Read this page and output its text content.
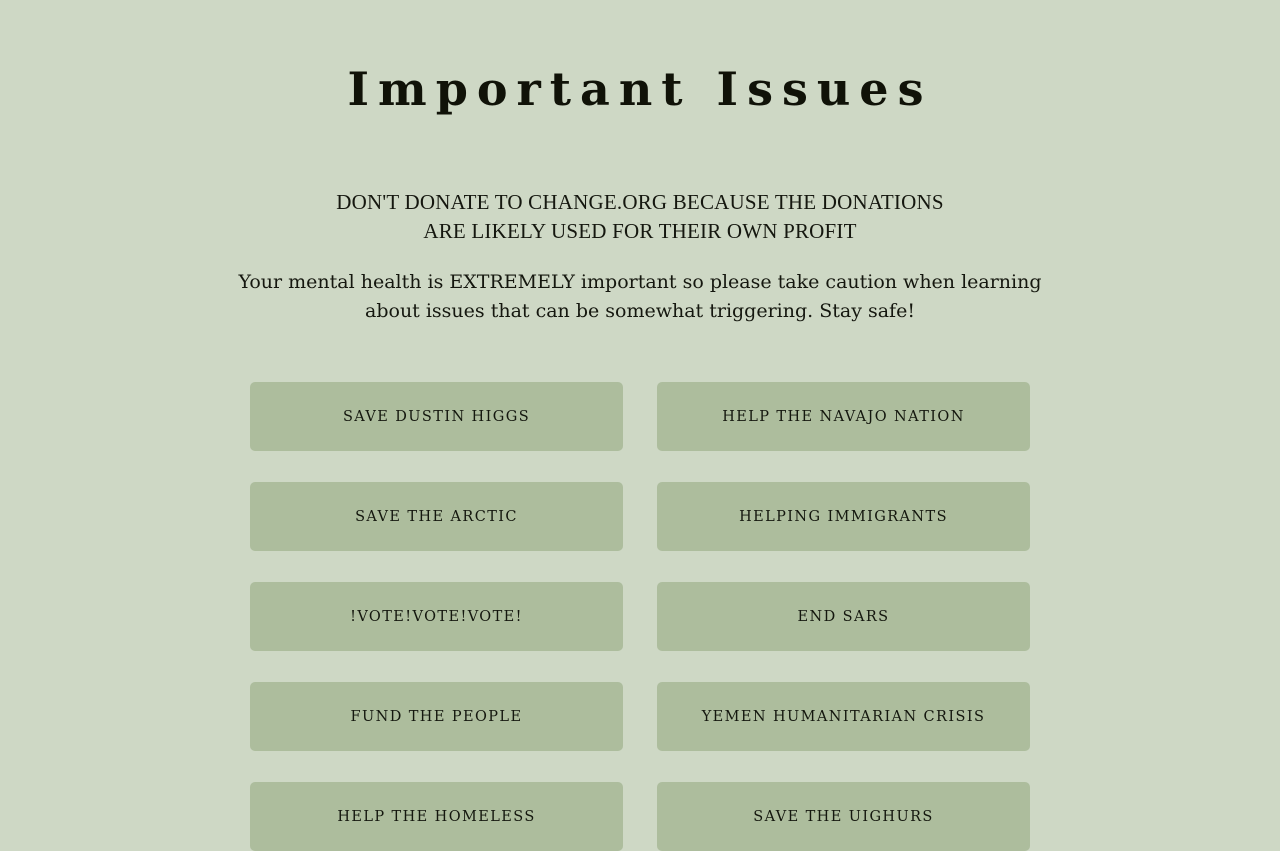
Important Issues
DON'T DONATE TO CHANGE.ORG BECAUSE THE DONATIONS
ARE LIKELY USED FOR THEIR OWN PROFIT
Your mental health is EXTREMELY important so please take caution when learning about issues that can be somewhat triggering. Stay safe!
SAVE DUSTIN HIGGS	HELP THE NAVAJO NATION
SAVE THE ARCTIC	HELPING IMMIGRANTS
!VOTE!VOTE!VOTE!	END SARS
FUND THE PEOPLE	YEMEN HUMANITARIAN CRISIS
HELP THE HOMELESS	SAVE THE UIGHURS
